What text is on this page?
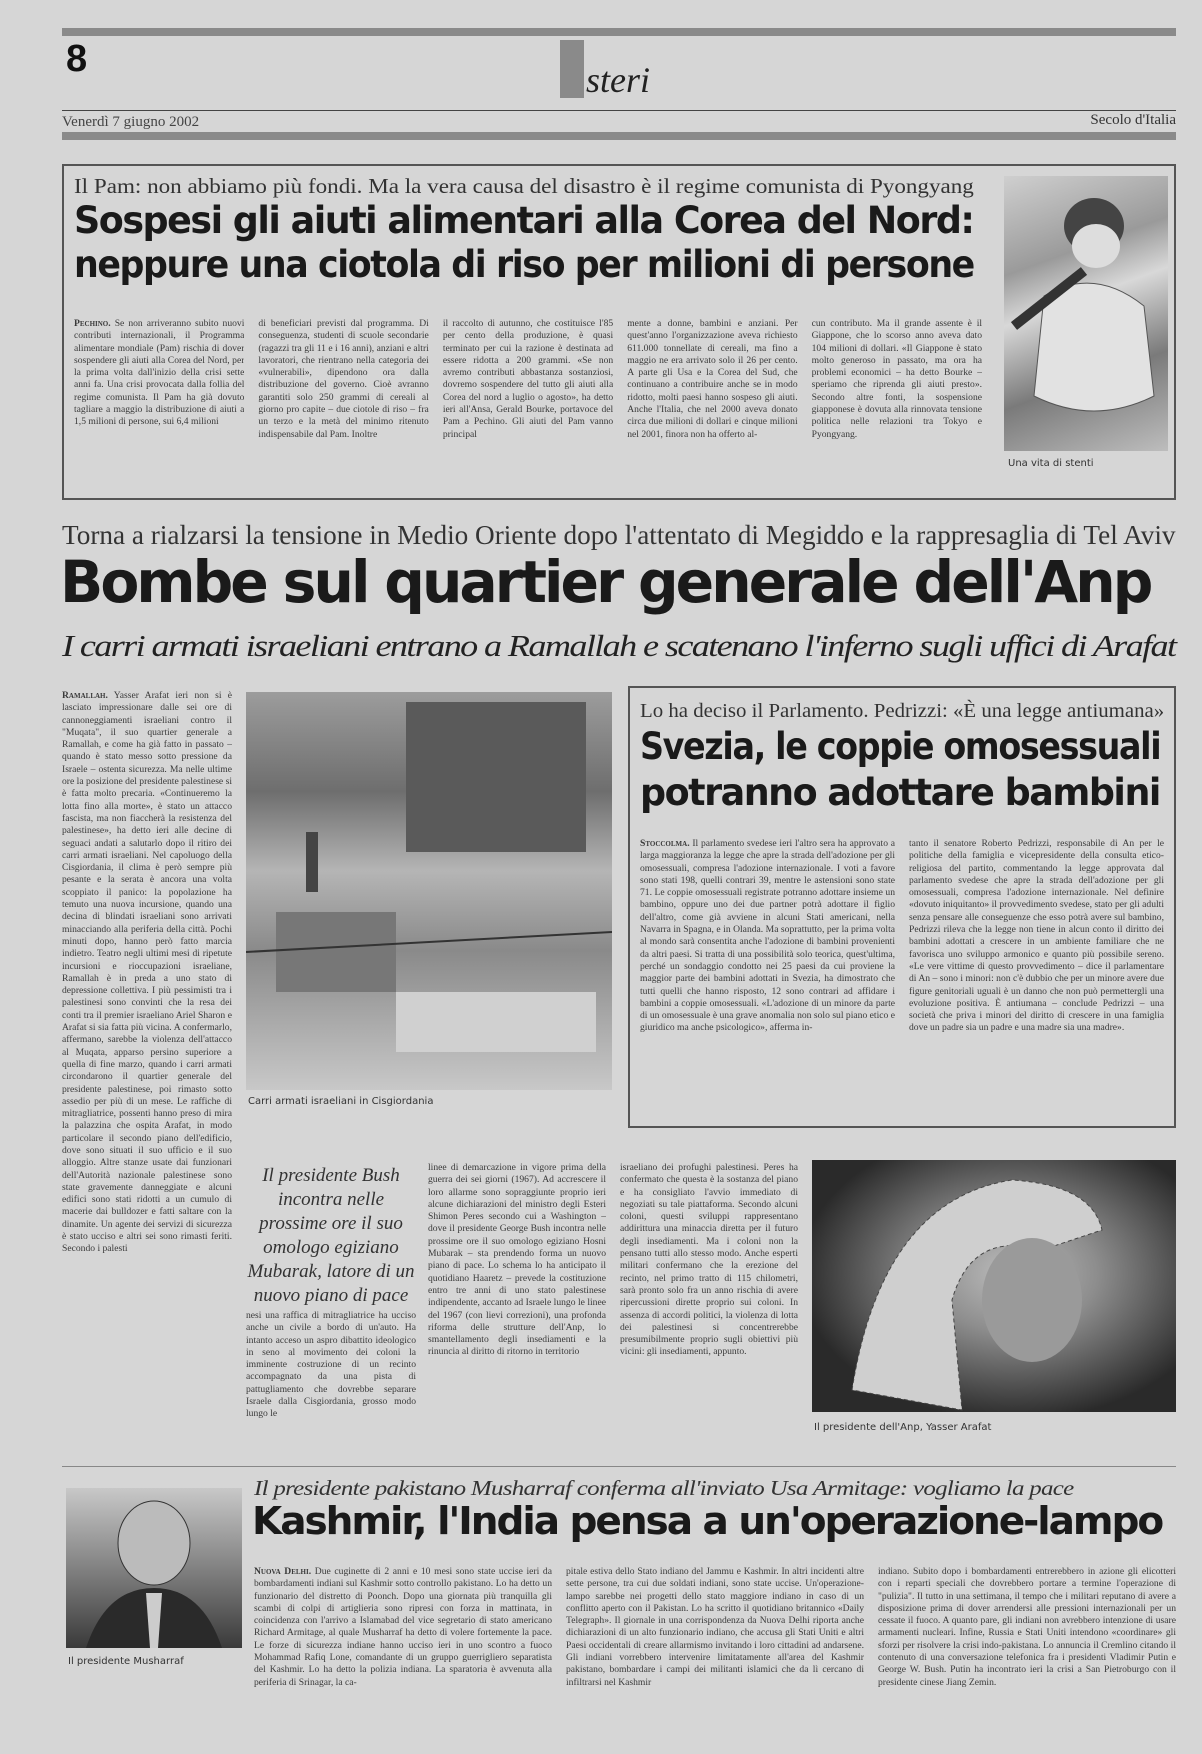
8	steri
Venerdì 7 giugno 2002	Secolo d'Italia
Il Pam: non abbiamo più fondi. Ma la vera causa del disastro è il regime comunista di Pyongyang
Sospesi gli aiuti alimentari alla Corea del Nord:
neppure una ciotola di riso per milioni di persone
Pechino. Se non arriveranno subito nuovi contributi internazionali, il Programma alimentare mondiale (Pam) rischia di dover sospendere gli aiuti alla Corea del Nord, per la prima volta dall'inizio della crisi sette anni fa. Una crisi provocata dalla follia del regime comunista. Il Pam ha già dovuto tagliare a maggio la distribuzione di aiuti a 1,5 milioni di persone, sui 6,4 milioni
di beneficiari previsti dal programma. Di conseguenza, studenti di scuole secondarie (ragazzi tra gli 11 e i 16 anni), anziani e altri lavoratori, che rientrano nella categoria dei «vulnerabili», dipendono ora dalla distribuzione del governo. Cioè avranno garantiti solo 250 grammi di cereali al giorno pro capite – due ciotole di riso – fra un terzo e la metà del minimo ritenuto indispensabile dal Pam. Inoltre
il raccolto di autunno, che costituisce l'85 per cento della produzione, è quasi terminato per cui la razione è destinata ad essere ridotta a 200 grammi. «Se non avremo contributi abbastanza sostanziosi, dovremo sospendere del tutto gli aiuti alla Corea del nord a luglio o agosto», ha detto ieri all'Ansa, Gerald Bourke, portavoce del Pam a Pechino. Gli aiuti del Pam vanno principal
mente a donne, bambini e anziani. Per quest'anno l'organizzazione aveva richiesto 611.000 tonnellate di cereali, ma fino a maggio ne era arrivato solo il 26 per cento. A parte gli Usa e la Corea del Sud, che continuano a contribuire anche se in modo ridotto, molti paesi hanno sospeso gli aiuti. Anche l'Italia, che nel 2000 aveva donato circa due milioni di dollari e cinque milioni nel 2001, finora non ha offerto al-
cun contributo. Ma il grande assente è il Giappone, che lo scorso anno aveva dato 104 milioni di dollari. «Il Giappone è stato molto generoso in passato, ma ora ha problemi economici – ha detto Bourke – speriamo che riprenda gli aiuti presto». Secondo altre fonti, la sospensione giapponese è dovuta alla rinnovata tensione politica nelle relazioni tra Tokyo e Pyongyang.
Una vita di stenti
Torna a rialzarsi la tensione in Medio Oriente dopo l'attentato di Megiddo e la rappresaglia di Tel Aviv
Bombe sul quartier generale dell'Anp
I carri armati israeliani entrano a Ramallah e scatenano l'inferno sugli uffici di Arafat
Ramallah. Yasser Arafat ieri non si è lasciato impressionare dalle sei ore di cannoneggiamenti israeliani contro il "Muqata", il suo quartier generale a Ramallah, e come ha già fatto in passato – quando è stato messo sotto pressione da Israele – ostenta sicurezza. Ma nelle ultime ore la posizione del presidente palestinese si è fatta molto precaria. «Continueremo la lotta fino alla morte», è stato un attacco fascista, ma non fiaccherà la resistenza del palestinese», ha detto ieri alle decine di seguaci andati a salutarlo dopo il ritiro dei carri armati israeliani. Nel capoluogo della Cisgiordania, il clima è però sempre più pesante e la serata è ancora una volta scoppiato il panico: la popolazione ha temuto una nuova incursione, quando una decina di blindati israeliani sono arrivati minacciando alla periferia della città. Pochi minuti dopo, hanno però fatto marcia indietro. Teatro negli ultimi mesi di ripetute incursioni e rioccupazioni israeliane, Ramallah è in preda a uno stato di depressione collettiva. I più pessimisti tra i palestinesi sono convinti che la resa dei conti tra il premier israeliano Ariel Sharon e Arafat si sia fatta più vicina. A confermarlo, affermano, sarebbe la violenza dell'attacco al Muqata, apparso persino superiore a quella di fine marzo, quando i carri armati circondarono il quartier generale del presidente palestinese, poi rimasto sotto assedio per più di un mese. Le raffiche di mitragliatrice, possenti hanno preso di mira la palazzina che ospita Arafat, in modo particolare il secondo piano dell'edificio, dove sono situati il suo ufficio e il suo alloggio. Altre stanze usate dai funzionari dell'Autorità nazionale palestinese sono state gravemente danneggiate e alcuni edifici sono stati ridotti a un cumulo di macerie dai bulldozer e fatti saltare con la dinamite. Un agente dei servizi di sicurezza è stato ucciso e altri sei sono rimasti feriti. Secondo i palesti
Carri armati israeliani in Cisgiordania
Il presidente Bush incontra nelle prossime ore il suo omologo egiziano Mubarak, latore di un nuovo piano di pace
nesi una raffica di mitragliatrice ha ucciso anche un civile a bordo di un'auto. Ha intanto acceso un aspro dibattito ideologico in seno al movimento dei coloni la imminente costruzione di un recinto accompagnato da una pista di pattugliamento che dovrebbe separare Israele dalla Cisgiordania, grosso modo lungo le
linee di demarcazione in vigore prima della guerra dei sei giorni (1967). Ad accrescere il loro allarme sono sopraggiunte proprio ieri alcune dichiarazioni del ministro degli Esteri Shimon Peres secondo cui a Washington – dove il presidente George Bush incontra nelle prossime ore il suo omologo egiziano Hosni Mubarak – sta prendendo forma un nuovo piano di pace. Lo schema lo ha anticipato il quotidiano Haaretz – prevede la costituzione entro tre anni di uno stato palestinese indipendente, accanto ad Israele lungo le linee del 1967 (con lievi correzioni), una profonda riforma delle strutture dell'Anp, lo smantellamento degli insediamenti e la rinuncia al diritto di ritorno in territorio
israeliano dei profughi palestinesi. Peres ha confermato che questa è la sostanza del piano e ha consigliato l'avvio immediato di negoziati su tale piattaforma. Secondo alcuni coloni, questi sviluppi rappresentano addirittura una minaccia diretta per il futuro degli insediamenti. Ma i coloni non la pensano tutti allo stesso modo. Anche esperti militari confermano che la erezione del recinto, nel primo tratto di 115 chilometri, sarà pronto solo fra un anno rischia di avere ripercussioni dirette proprio sui coloni. In assenza di accordi politici, la violenza di lotta dei palestinesi si concentrerebbe presumibilmente proprio sugli obiettivi più vicini: gli insediamenti, appunto.
Il presidente dell'Anp, Yasser Arafat
Lo ha deciso il Parlamento. Pedrizzi: «È una legge antiumana»
Svezia, le coppie omosessuali
potranno adottare bambini
Stoccolma. Il parlamento svedese ieri l'altro sera ha approvato a larga maggioranza la legge che apre la strada dell'adozione per gli omosessuali, compresa l'adozione internazionale. I voti a favore sono stati 198, quelli contrari 39, mentre le astensioni sono state 71. Le coppie omosessuali registrate potranno adottare insieme un bambino, oppure uno dei due partner potrà adottare il figlio dell'altro, come già avviene in alcuni Stati americani, nella Navarra in Spagna, e in Olanda. Ma soprattutto, per la prima volta al mondo sarà consentita anche l'adozione di bambini provenienti da altri paesi. Si tratta di una possibilità solo teorica, quest'ultima, perché un sondaggio condotto nei 25 paesi da cui proviene la maggior parte dei bambini adottati in Svezia, ha dimostrato che tutti quelli che hanno risposto, 12 sono contrari ad affidare i bambini a coppie omosessuali. «L'adozione di un minore da parte di un omosessuale è una grave anomalia non solo sul piano etico e giuridico ma anche psicologico», afferma in-
tanto il senatore Roberto Pedrizzi, responsabile di An per le politiche della famiglia e vicepresidente della consulta etico-religiosa del partito, commentando la legge approvata dal parlamento svedese che apre la strada dell'adozione per gli omosessuali, compresa l'adozione internazionale. Nel definire «dovuto iniquitanto» il provvedimento svedese, stato per gli adulti senza pensare alle conseguenze che esso potrà avere sul bambino, Pedrizzi rileva che la legge non tiene in alcun conto il diritto dei bambini adottati a crescere in un ambiente familiare che ne favorisca uno sviluppo armonico e quanto più possibile sereno. «Le vere vittime di questo provvedimento – dice il parlamentare di An – sono i minori: non c'è dubbio che per un minore avere due figure genitoriali uguali è un danno che non può permettergli una evoluzione positiva. È antiumana – conclude Pedrizzi – una società che priva i minori del diritto di crescere in una famiglia dove un padre sia un padre e una madre sia una madre».
Il presidente Musharraf
Il presidente pakistano Musharraf conferma all'inviato Usa Armitage: vogliamo la pace
Kashmir, l'India pensa a un'operazione-lampo
Nuova Delhi. Due cuginette di 2 anni e 10 mesi sono state uccise ieri da bombardamenti indiani sul Kashmir sotto controllo pakistano. Lo ha detto un funzionario del distretto di Poonch. Dopo una giornata più tranquilla gli scambi di colpi di artiglieria sono ripresi con forza in mattinata, in coincidenza con l'arrivo a Islamabad del vice segretario di stato americano Richard Armitage, al quale Musharraf ha detto di volere fortemente la pace. Le forze di sicurezza indiane hanno ucciso ieri in uno scontro a fuoco Mohammad Rafiq Lone, comandante di un gruppo guerrigliero separatista del Kashmir. Lo ha detto la polizia indiana. La sparatoria è avvenuta alla periferia di Srinagar, la ca-
pitale estiva dello Stato indiano del Jammu e Kashmir. In altri incidenti altre sette persone, tra cui due soldati indiani, sono state uccise. Un'operazione-lampo sarebbe nei progetti dello stato maggiore indiano in caso di un conflitto aperto con il Pakistan. Lo ha scritto il quotidiano britannico «Daily Telegraph». Il giornale in una corrispondenza da Nuova Delhi riporta anche dichiarazioni di un alto funzionario indiano, che accusa gli Stati Uniti e altri Paesi occidentali di creare allarmismo invitando i loro cittadini ad andarsene. Gli indiani vorrebbero intervenire limitatamente all'area del Kashmir pakistano, bombardare i campi dei militanti islamici che da lì cercano di infiltrarsi nel Kashmir
indiano. Subito dopo i bombardamenti entrerebbero in azione gli elicotteri con i reparti speciali che dovrebbero portare a termine l'operazione di "pulizia". Il tutto in una settimana, il tempo che i militari reputano di avere a disposizione prima di dover arrendersi alle pressioni internazionali per un cessate il fuoco. A quanto pare, gli indiani non avrebbero intenzione di usare armamenti nucleari. Infine, Russia e Stati Uniti intendono «coordinare» gli sforzi per risolvere la crisi indo-pakistana. Lo annuncia il Cremlino citando il contenuto di una conversazione telefonica fra i presidenti Vladimir Putin e George W. Bush. Putin ha incontrato ieri la crisi a San Pietroburgo con il presidente cinese Jiang Zemin.
